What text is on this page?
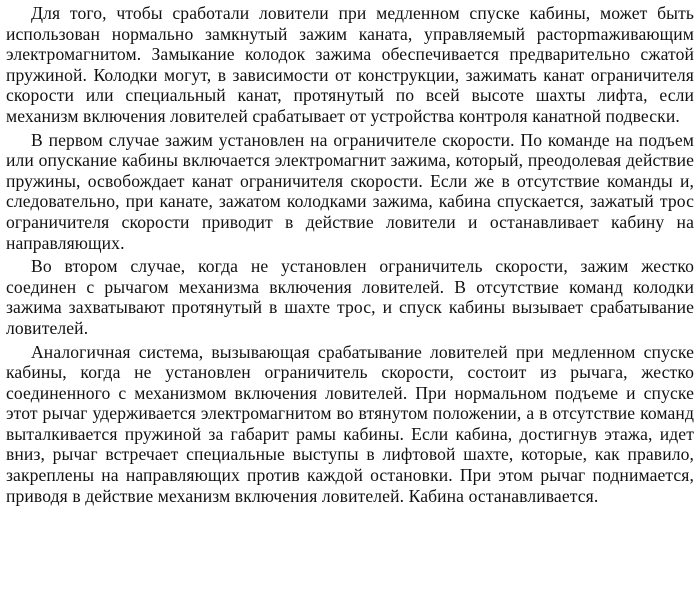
Для того, чтобы сработали ловители при медленном спуске кабины, может быть использован нормально замкнутый зажим каната, управляемый расторmаживающим электромагнитом. Замыкание колодок зажима обеспечивается предварительно сжатой пружиной. Колодки могут, в зависимости от конструкции, зажимать канат ограничителя скорости или специальный канат, протянутый по всей высоте шахты лифта, если механизм включения ловителей срабатывает от устройства контроля канатной подвески.

В первом случае зажим установлен на ограничителе скорости. По команде на подъем или опускание кабины включается электромагнит зажима, который, преодолевая действие пружины, освобождает канат ограничителя скорости. Если же в отсутствие команды и, следовательно, при канате, зажатом колодками зажима, кабина спускается, зажатый трос ограничителя скорости приводит в действие ловители и останавливает кабину на направляющих.

Во втором случае, когда не установлен ограничитель скорости, зажим жестко соединен с рычагом механизма включения ловителей. В отсутствие команд колодки зажима захватывают протянутый в шахте трос, и спуск кабины вызывает срабатывание ловителей.

Аналогичная система, вызывающая срабатывание ловителей при медленном спуске кабины, когда не установлен ограничитель скорости, состоит из рычага, жестко соединенного с механизмом включения ловителей. При нормальном подъеме и спуске этот рычаг удерживается электромагнитом во втянутом положении, а в отсутствие команд выталкивается пружиной за габарит рамы кабины. Если кабина, достигнув этажа, идет вниз, рычаг встречает специальные выступы в лифтовой шахте, которые, как правило, закреплены на направляющих против каждой остановки. При этом рычаг поднимается, приводя в действие механизм включения ловителей. Кабина останавливается.
